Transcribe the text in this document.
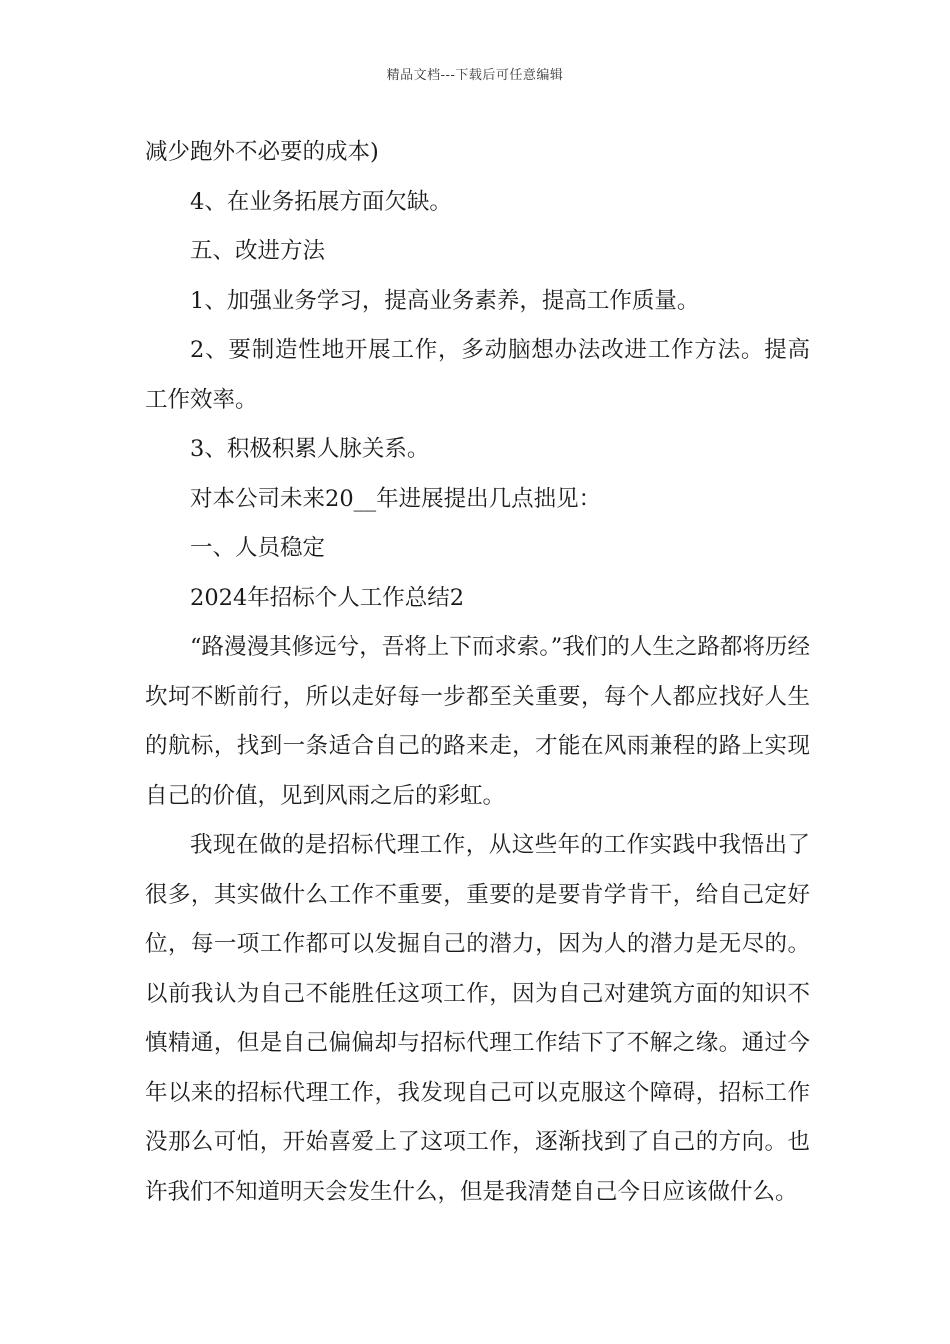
精品文档---下载后可任意编辑

减少跑外不必要的成本)

4、在业务拓展方面欠缺。

五、改进方法

1、加强业务学习，提高业务素养，提高工作质量。

2、要制造性地开展工作，多动脑想办法改进工作方法。提高工作效率。

3、积极积累人脉关系。

对本公司未来20__年进展提出几点拙见：

一、人员稳定

2024年招标个人工作总结2

“路漫漫其修远兮，吾将上下而求索。”我们的人生之路都将历经坎坷不断前行，所以走好每一步都至关重要，每个人都应找好人生的航标，找到一条适合自己的路来走，才能在风雨兼程的路上实现自己的价值，见到风雨之后的彩虹。

我现在做的是招标代理工作，从这些年的工作实践中我悟出了很多，其实做什么工作不重要，重要的是要肯学肯干，给自己定好位，每一项工作都可以发掘自己的潜力，因为人的潜力是无尽的。以前我认为自己不能胜任这项工作，因为自己对建筑方面的知识不慎精通，但是自己偏偏却与招标代理工作结下了不解之缘。通过今年以来的招标代理工作，我发现自己可以克服这个障碍，招标工作没那么可怕，开始喜爱上了这项工作，逐渐找到了自己的方向。也许我们不知道明天会发生什么，但是我清楚自己今日应该做什么。
